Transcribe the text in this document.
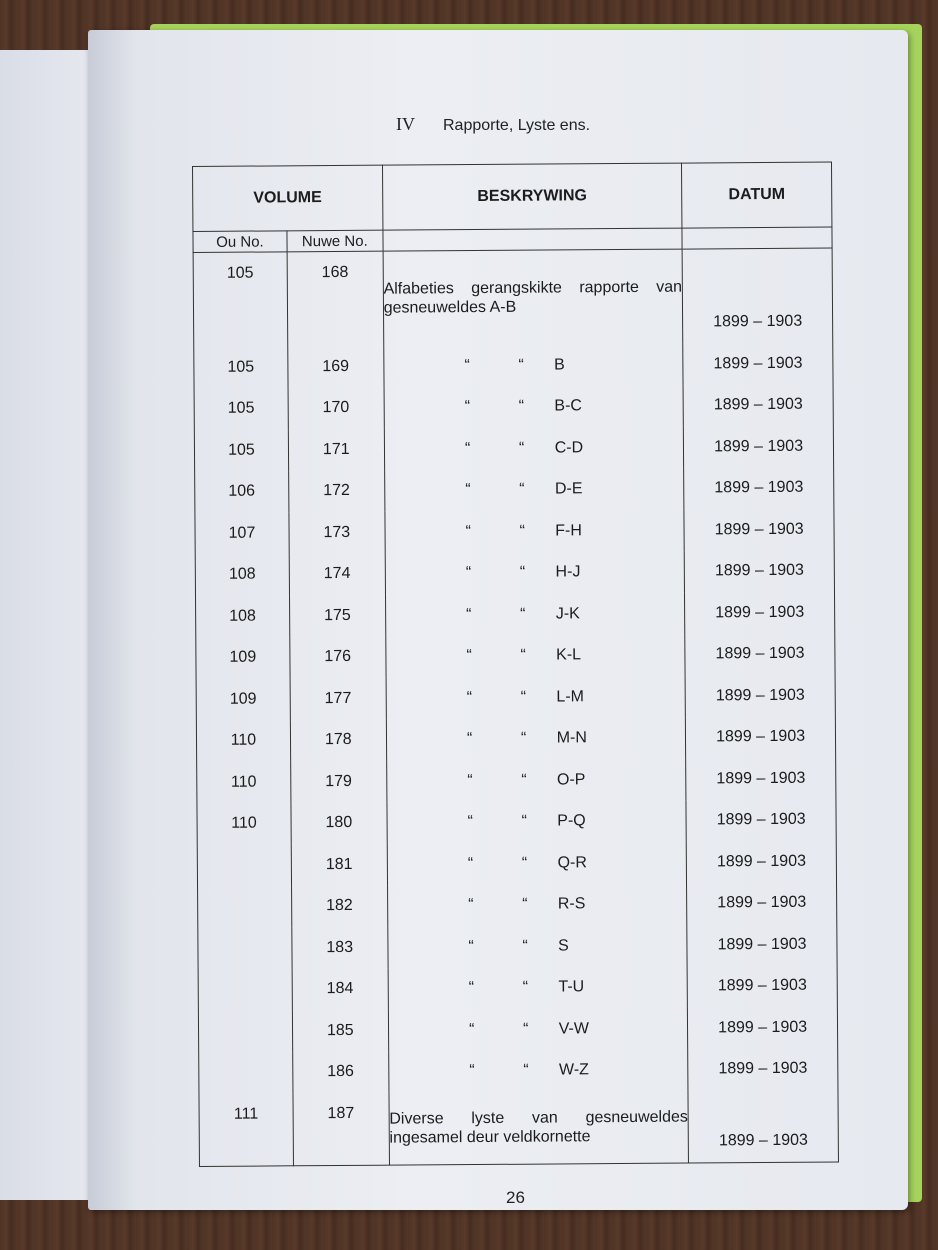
IV Rapporte, Lyste ens.
VOLUME		BESKRYWING	DATUM
Ou No.	Nuwe No.		
105	168	Alfabeties gerangskikte rapporte van gesneuweldes A-B	1899 – 1903
105	169	“ “ B	1899 – 1903
105	170	“ “ B-C	1899 – 1903
105	171	“ “ C-D	1899 – 1903
106	172	“ “ D-E	1899 – 1903
107	173	“ “ F-H	1899 – 1903
108	174	“ “ H-J	1899 – 1903
108	175	“ “ J-K	1899 – 1903
109	176	“ “ K-L	1899 – 1903
109	177	“ “ L-M	1899 – 1903
110	178	“ “ M-N	1899 – 1903
110	179	“ “ O-P	1899 – 1903
110	180	“ “ P-Q	1899 – 1903
	181	“ “ Q-R	1899 – 1903
	182	“ “ R-S	1899 – 1903
	183	“ “ S	1899 – 1903
	184	“ “ T-U	1899 – 1903
	185	“ “ V-W	1899 – 1903
	186	“ “ W-Z	1899 – 1903
111	187	Diverse lyste van gesneuweldes ingesamel deur veldkornette	1899 – 1903
26
